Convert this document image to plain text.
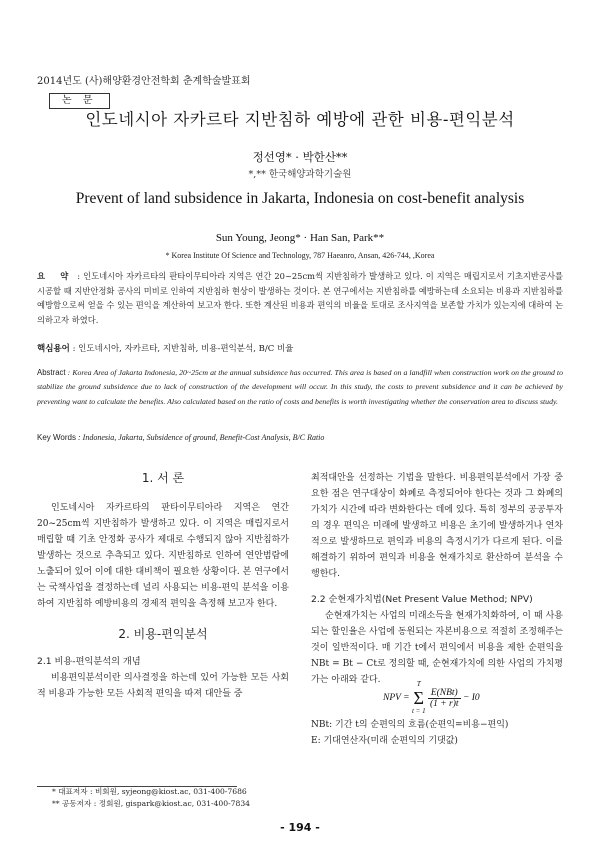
2014년도 (사)해양환경안전학회 춘계학술발표회
논 문
인도네시아 자카르타 지반침하 예방에 관한 비용-편익분석
정선영* · 박한산**
*,** 한국해양과학기술원
Prevent of land subsidence in Jakarta, Indonesia on cost-benefit analysis
Sun Young, Jeong* · Han San, Park**
* Korea Institute Of Science and Technology, 787 Haeanro, Ansan, 426-744, ,Korea
요 약 : 인도네시아 자카르타의 판타이무티아라 지역은 연간 20~25cm씩 지반침하가 발생하고 있다. 이 지역은 매립지로서 기초지반공사를 시공할 때 지반안정화 공사의 미비로 인하여 지반침하 현상이 발생하는 것이다. 본 연구에서는 지반침하를 예방하는데 소요되는 비용과 지반침하를 예방함으로써 얻을 수 있는 편익을 계산하여 보고자 한다. 또한 계산된 비용과 편익의 비율을 토대로 조사지역을 보존할 가치가 있는지에 대하여 논의하고자 하였다.
핵심용어 : 인도네시아, 자카르타, 지반침하, 비용-편익분석, B/C 비율
Abstract : Korea Area of Jakarta Indonesia, 20~25cm at the annual subsidence has occurred. This area is based on a landfill when construction work on the ground to stabilize the ground subsidence due to lack of construction of the development will occur. In this study, the costs to prevent subsidence and it can be achieved by preventing want to calculate the benefits. Also calculated based on the ratio of costs and benefits is worth investigating whether the conservation area to discuss study.
Key Words : Indonesia, Jakarta, Subsidence of ground, Benefit-Cost Analysis, B/C Ratio
1. 서 론

인도네시아 자카르타의 판타이무티아라 지역은 연간 20~25cm씩 지반침하가 발생하고 있다. 이 지역은 매립지로서 매립할 때 기초 안정화 공사가 제대로 수행되지 않아 지반침하가 발생하는 것으로 추측되고 있다. 지반침하로 인하여 연안범람에 노출되어 있어 이에 대한 대비책이 필요한 상황이다. 본 연구에서는 국책사업을 결정하는데 널리 사용되는 비용-편익 분석을 이용하여 지반침하 예방비용의 경제적 편익을 측정해 보고자 한다.

2. 비용-편익분석
2.1 비용-편익분석의 개념

비용편익분석이란 의사결정을 하는데 있어 가능한 모든 사회적 비용과 가능한 모든 사회적 편익을 따져 대안들 중

최적대안을 선정하는 기법을 말한다. 비용편익분석에서 가장 중요한 점은 연구대상이 화폐로 측정되어야 한다는 것과 그 화폐의 가치가 시간에 따라 변화한다는 데에 있다. 특히 정부의 공공투자의 경우 편익은 미래에 발생하고 비용은 초기에 발생하거나 연차적으로 발생하므로 편익과 비용의 측정시기가 다르게 된다. 이를 해결하기 위하여 편익과 비용을 현재가치로 환산하여 분석을 수행한다.

2.2 순현재가치법(Net Present Value Method; NPV)

순현재가치는 사업의 미래소득을 현재가치화하여, 이 때 사용되는 할인율은 사업에 동원되는 자본비용으로 적절히 조정해주는 것이 일반적이다. 매 기간 t에서 편익에서 비용을 제한 순편익을 NBt = Bt − Ct로 정의할 때, 순현재가치에 의한 사업의 가치평가는 아래와 같다.

NPV =
T
Σ
t = 1

$\frac{\text{E(NBt)}}{(1 + r)t} - I0$
NBt: 기간 t의 순편익의 흐름(순편익=비용−편익)
E: 기대연산자(미래 순편익의 기댓값)
* 대표저자 : 비회원, syjeong@kiost.ac, 031-400-7686
** 공동저자 : 정회원, gispark@kiost.ac, 031-400-7834
- 194 -
